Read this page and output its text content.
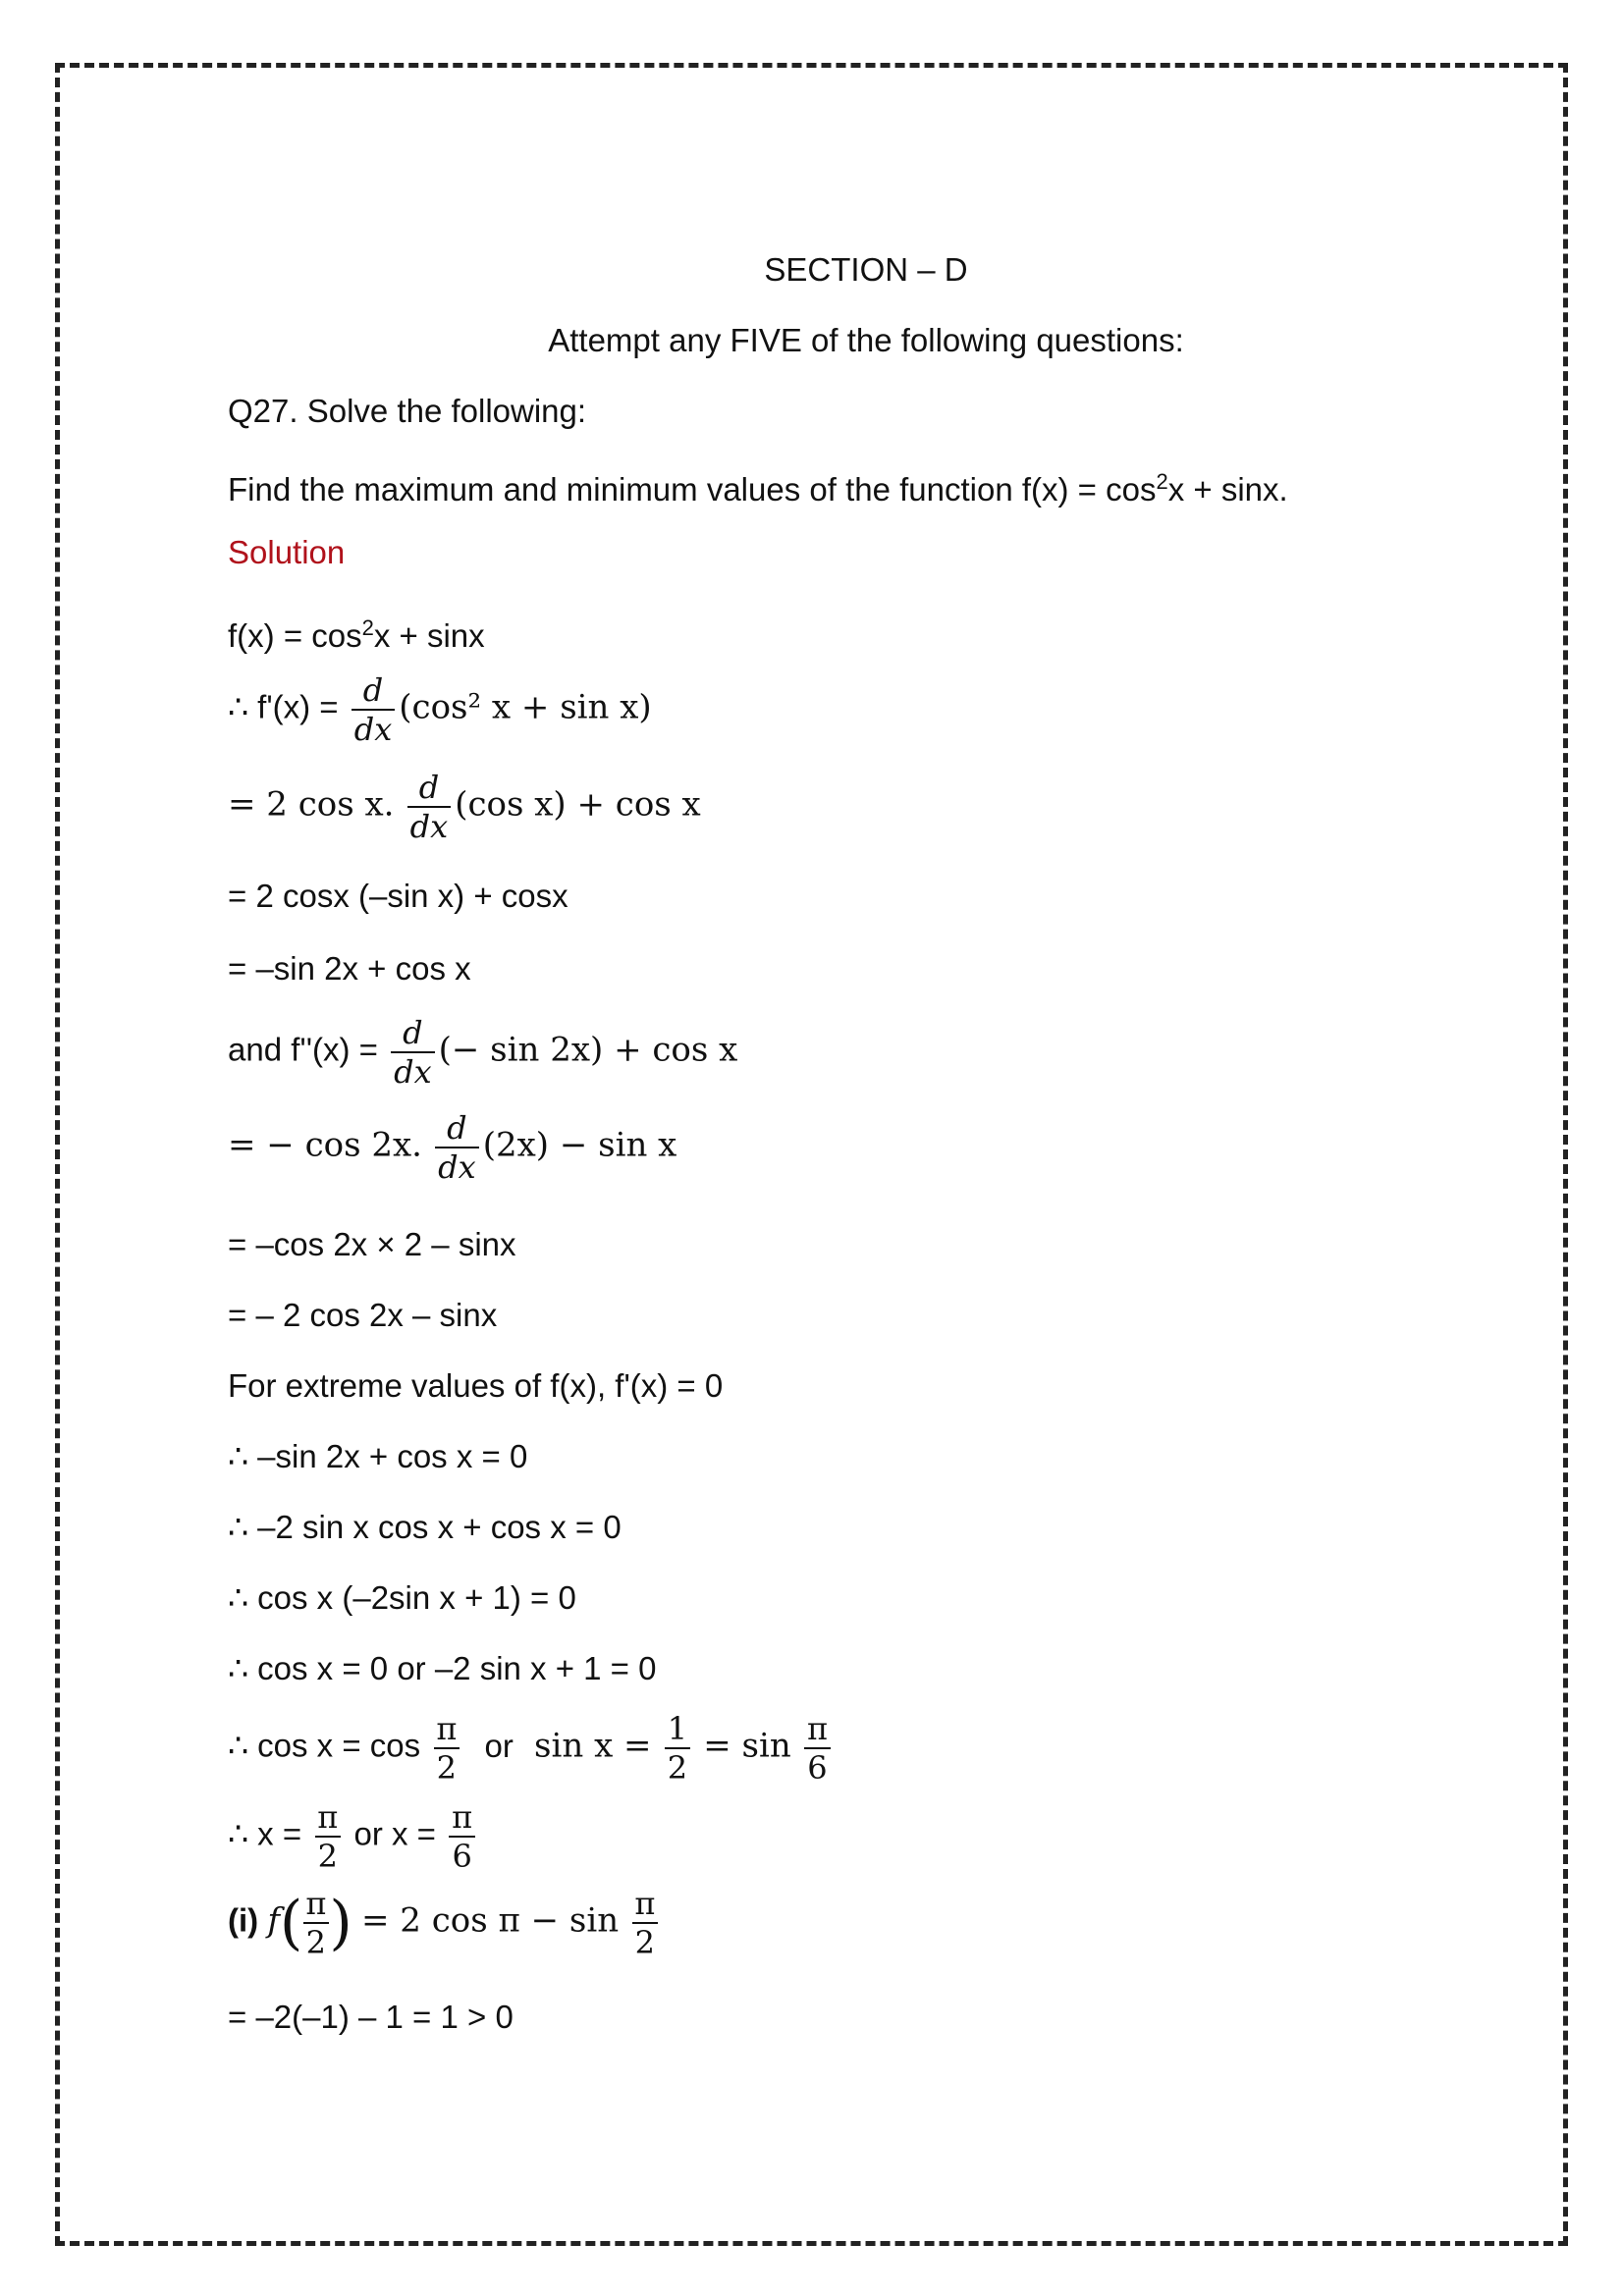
SECTION – D
Attempt any FIVE of the following questions:
Q27. Solve the following:
Find the maximum and minimum values of the function $f(x) = \cos^2x + \sin x$.
Solution
$f(x) = \cos^2x + \sin x$
∴ $f'(x) = \frac{d}{dx} (\cos^2$ x + sin x)
= 2 cos x. $\frac{d}{dx} (\cos$ x) + cos x
= 2 cosx (–sin x) + cosx
= –sin 2x + cos x
and $f''(x) = \frac{d}{dx}$ (− sin 2x) + cos x
= − cos 2x. $\frac{d}{dx} (2x) - \sin x$
= –cos 2x × 2 – sinx
= – 2 cos 2x – sinx
For extreme values of f(x), f'(x) = 0
∴ –sin 2x + cos x = 0
∴ –2 sin x cos x + cos x = 0
∴ cos x (–2sin x + 1) = 0
∴ cos x = 0 or –2 sin x + 1 = 0
∴ $\cos x = \cos \frac{\pi}{2}$ or $\sin x = \frac{1}{2} = \sin \frac{\pi}{6}$
∴ $x = \frac{\pi}{2}$ or $x = \frac{\pi}{6}$
(i) $f( \frac{\pi}{2}$ ) = 2 $\cos \pi - \sin \frac{\pi}{2}$
= –2(–1) – 1 = 1 > 0
